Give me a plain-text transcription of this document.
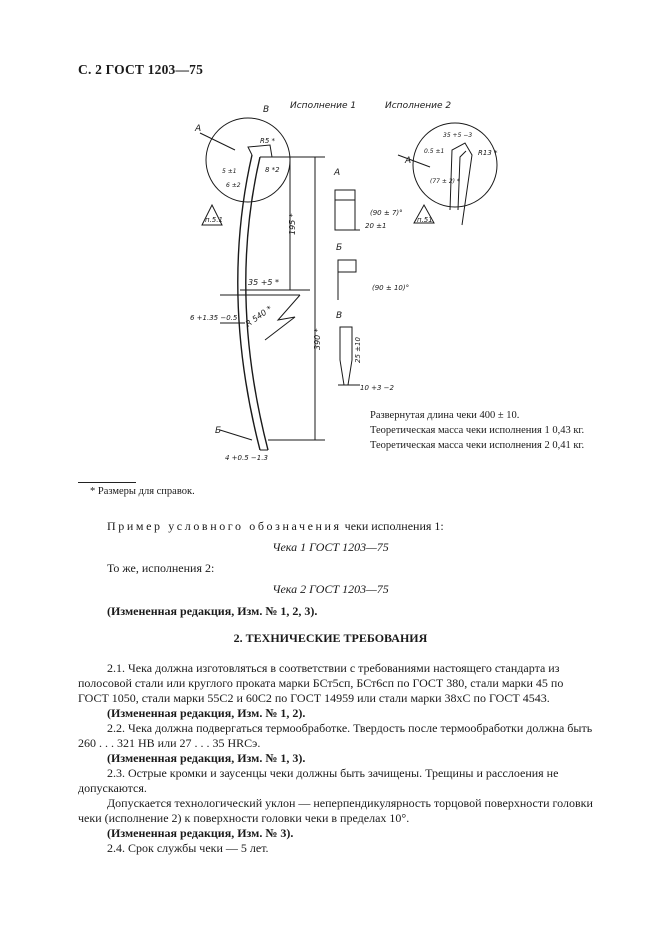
С. 2 ГОСТ 1203—75
Исполнение 1	Исполнение 2
В
А
А
Б
А
Б
В
п.5.1	п.51
195 *
390 *
R 540 *
35 +5 *
6 +1.35 −0.5
4 +0.5 −1.3
R5 *
8 *2
R13 *
20 ±1
(90 ± 7)°
(90 ± 10)°
25 ±10
10 +3 −2
5 ±1
0.5 ±1
(77 ± 2) *
6 ±2
35 +5 −3
Развернутая длина чеки 400 ± 10.
Теоретическая масса чеки исполнения 1 0,43 кг.
Теоретическая масса чеки исполнения 2 0,41 кг.
* Размеры для справок.
Пример условного обозначения чеки исполнения 1:
Чека 1 ГОСТ 1203—75
То же, исполнения 2:
Чека 2 ГОСТ 1203—75
(Измененная редакция, Изм. № 1, 2, 3).
2. ТЕХНИЧЕСКИЕ ТРЕБОВАНИЯ
2.1. Чека должна изготовляться в соответствии с требованиями настоящего стандарта из
полосовой стали или круглого проката марки БСт5сп, БСт6сп по ГОСТ 380, стали марки 45 по
ГОСТ 1050, стали марки 55С2 и 60С2 по ГОСТ 14959 или стали марки 38хС по ГОСТ 4543.
(Измененная редакция, Изм. № 1, 2).
2.2. Чека должна подвергаться термообработке. Твердость после термообработки должна быть
260 . . . 321 НВ или 27 . . . 35 HRCэ.
(Измененная редакция, Изм. № 1, 3).
2.3. Острые кромки и заусенцы чеки должны быть зачищены. Трещины и расслоения не
допускаются.
Допускается технологический уклон — неперпендикулярность торцовой поверхности головки
чеки (исполнение 2) к поверхности головки чеки в пределах 10°.
(Измененная редакция, Изм. № 3).
2.4. Срок службы чеки — 5 лет.
